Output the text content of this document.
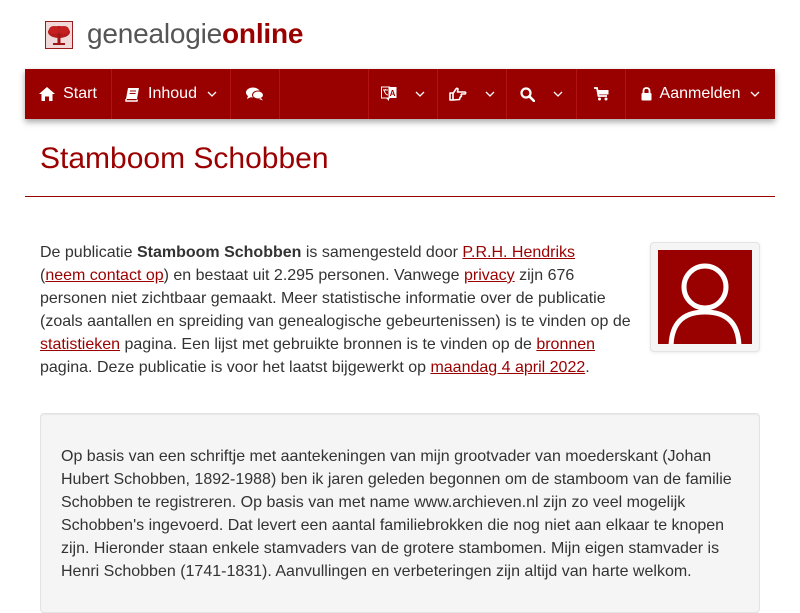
genealogieonline
Start	Inhoud	A	Aanmelden
Stamboom Schobben

De publicatie Stamboom Schobben is samengesteld door P.R.H. Hendriks
(neem contact op) en bestaat uit 2.295 personen. Vanwege privacy zijn 676 personen niet zichtbaar gemaakt. Meer statistische informatie over de publicatie (zoals aantallen en spreiding van genealogische gebeurtenissen) is te vinden op de statistieken pagina. Een lijst met gebruikte bronnen is te vinden op de bronnen pagina. Deze publicatie is voor het laatst bijgewerkt op maandag 4 april 2022.

Op basis van een schriftje met aantekeningen van mijn grootvader van moederskant (Johan Hubert Schobben, 1892-1988) ben ik jaren geleden begonnen om de stamboom van de familie Schobben te registreren. Op basis van met name www.archieven.nl zijn zo veel mogelijk Schobben's ingevoerd. Dat levert een aantal familiebrokken die nog niet aan elkaar te knopen zijn. Hieronder staan enkele stamvaders van de grotere stambomen. Mijn eigen stamvader is Henri Schobben (1741-1831). Aanvullingen en verbeteringen zijn altijd van harte welkom.
